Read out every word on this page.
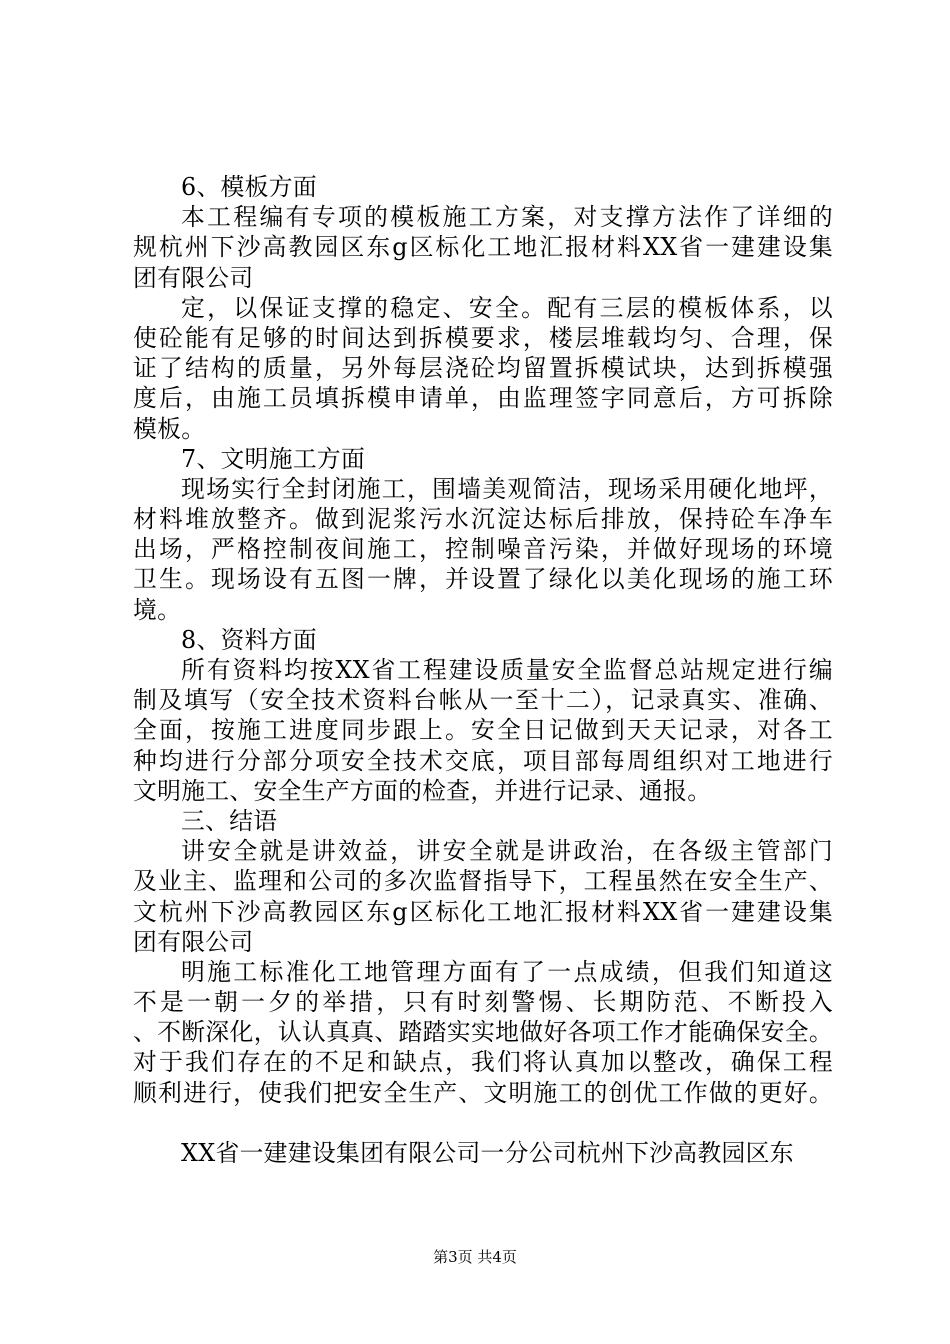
6、模板方面
本工程编有专项的模板施工方案，对支撑方法作了详细的
规杭州下沙高教园区东g区标化工地汇报材料XX省一建建设集
团有限公司
定，以保证支撑的稳定、安全。配有三层的模板体系，以
使砼能有足够的时间达到拆模要求，楼层堆载均匀、合理，保
证了结构的质量，另外每层浇砼均留置拆模试块，达到拆模强
度后，由施工员填拆模申请单，由监理签字同意后，方可拆除
模板。
7、文明施工方面
现场实行全封闭施工，围墙美观简洁，现场采用硬化地坪，
材料堆放整齐。做到泥浆污水沉淀达标后排放，保持砼车净车
出场，严格控制夜间施工，控制噪音污染，并做好现场的环境
卫生。现场设有五图一牌，并设置了绿化以美化现场的施工环
境。
8、资料方面
所有资料均按XX省工程建设质量安全监督总站规定进行编
制及填写（安全技术资料台帐从一至十二），记录真实、准确、
全面，按施工进度同步跟上。安全日记做到天天记录，对各工
种均进行分部分项安全技术交底，项目部每周组织对工地进行
文明施工、安全生产方面的检查，并进行记录、通报。
三、结语
讲安全就是讲效益，讲安全就是讲政治，在各级主管部门
及业主、监理和公司的多次监督指导下，工程虽然在安全生产、
文杭州下沙高教园区东g区标化工地汇报材料XX省一建建设集
团有限公司
明施工标准化工地管理方面有了一点成绩，但我们知道这
不是一朝一夕的举措，只有时刻警惕、长期防范、不断投入
、不断深化，认认真真、踏踏实实地做好各项工作才能确保安全。
对于我们存在的不足和缺点，我们将认真加以整改，确保工程
顺利进行，使我们把安全生产、文明施工的创优工作做的更好。
XX省一建建设集团有限公司一分公司杭州下沙高教园区东
第3页 共4页
